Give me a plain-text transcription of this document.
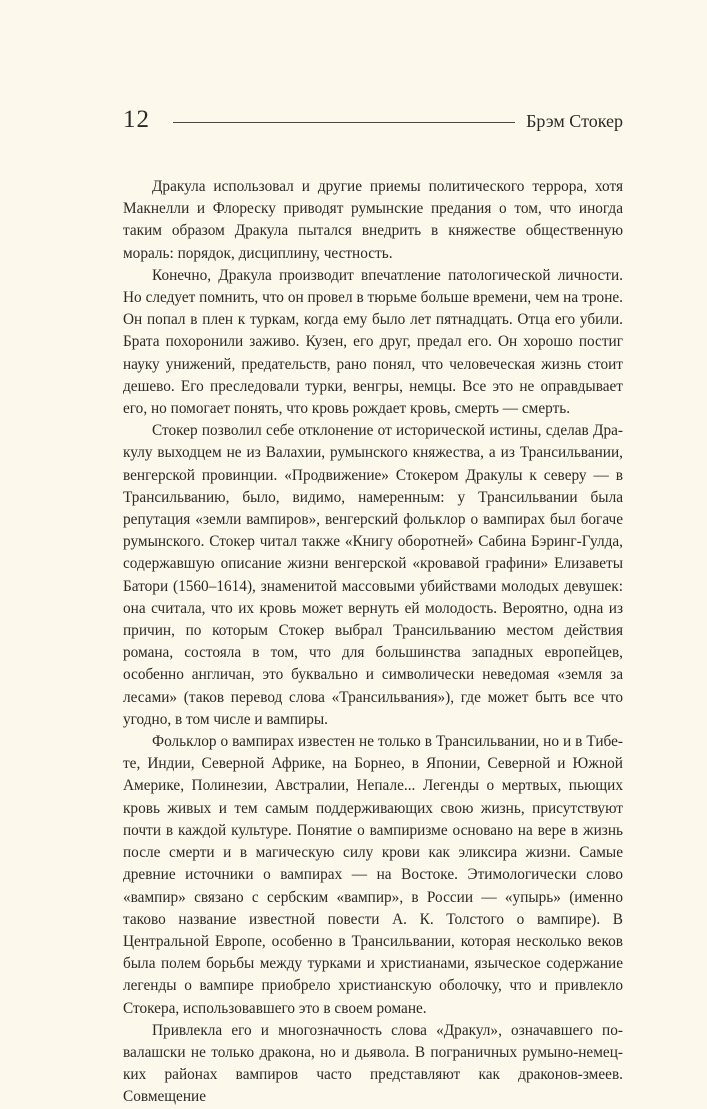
12	Брэм Стокер

Дракула использовал и другие приемы политического террора, хотя Макнелли и Флореску приводят румынские предания о том, что иногда таким образом Дракула пытался внедрить в княжестве общественную мораль: порядок, дисциплину, честность.

Конечно, Дракула производит впечатление патологической личности. Но следует помнить, что он провел в тюрьме больше времени, чем на троне. Он попал в плен к туркам, когда ему было лет пятнадцать. Отца его убили. Брата похоронили заживо. Кузен, его друг, предал его. Он хорошо постиг науку унижений, предательств, рано понял, что человеческая жизнь стоит дешево. Его преследовали турки, венгры, немцы. Все это не оправдывает его, но помогает понять, что кровь рождает кровь, смерть — смерть.

Стокер позволил себе отклонение от исторической истины, сделав Дракулу выходцем не из Валахии, румынского княжества, а из Трансильвании, венгерской провинции. «Продвижение» Стокером Дракулы к северу — в Трансильванию, было, видимо, намеренным: у Трансильвании была репутация «земли вампиров», венгерский фольклор о вампирах был богаче румынского. Стокер читал также «Книгу оборотней» Сабина Бэринг-Гулда, содержавшую описание жизни венгерской «кровавой графини» Елизаветы Батори (1560–1614), знаменитой массовыми убийствами молодых девушек: она считала, что их кровь может вернуть ей молодость. Вероятно, одна из причин, по которым Стокер выбрал Трансильванию местом действия романа, состояла в том, что для большинства западных европейцев, особенно англичан, это буквально и символически неведомая «земля за лесами» (таков перевод слова «Трансильвания»), где может быть все что угодно, в том числе и вампиры.

Фольклор о вампирах известен не только в Трансильвании, но и в Тибете, Индии, Северной Африке, на Борнео, в Японии, Северной и Южной Америке, Полинезии, Австралии, Непале... Легенды о мертвых, пьющих кровь живых и тем самым поддерживающих свою жизнь, присутствуют почти в каждой культуре. Понятие о вампиризме основано на вере в жизнь после смерти и в магическую силу крови как эликсира жизни. Самые древние источники о вампирах — на Востоке. Этимологически слово «вампир» связано с сербским «вампир», в России — «упырь» (именно таково название известной повести А. К. Толстого о вампире). В Центральной Европе, особенно в Трансильвании, которая несколько веков была полем борьбы между турками и христианами, языческое содержание легенды о вампире приобрело христианскую оболочку, что и привлекло Стокера, использовавшего это в своем романе.

Привлекла его и многозначность слова «Дракул», означавшего повалашски не только дракона, но и дьявола. В пограничных румыно-немецких районах вампиров часто представляют как драконов-змеев. Совмещение
